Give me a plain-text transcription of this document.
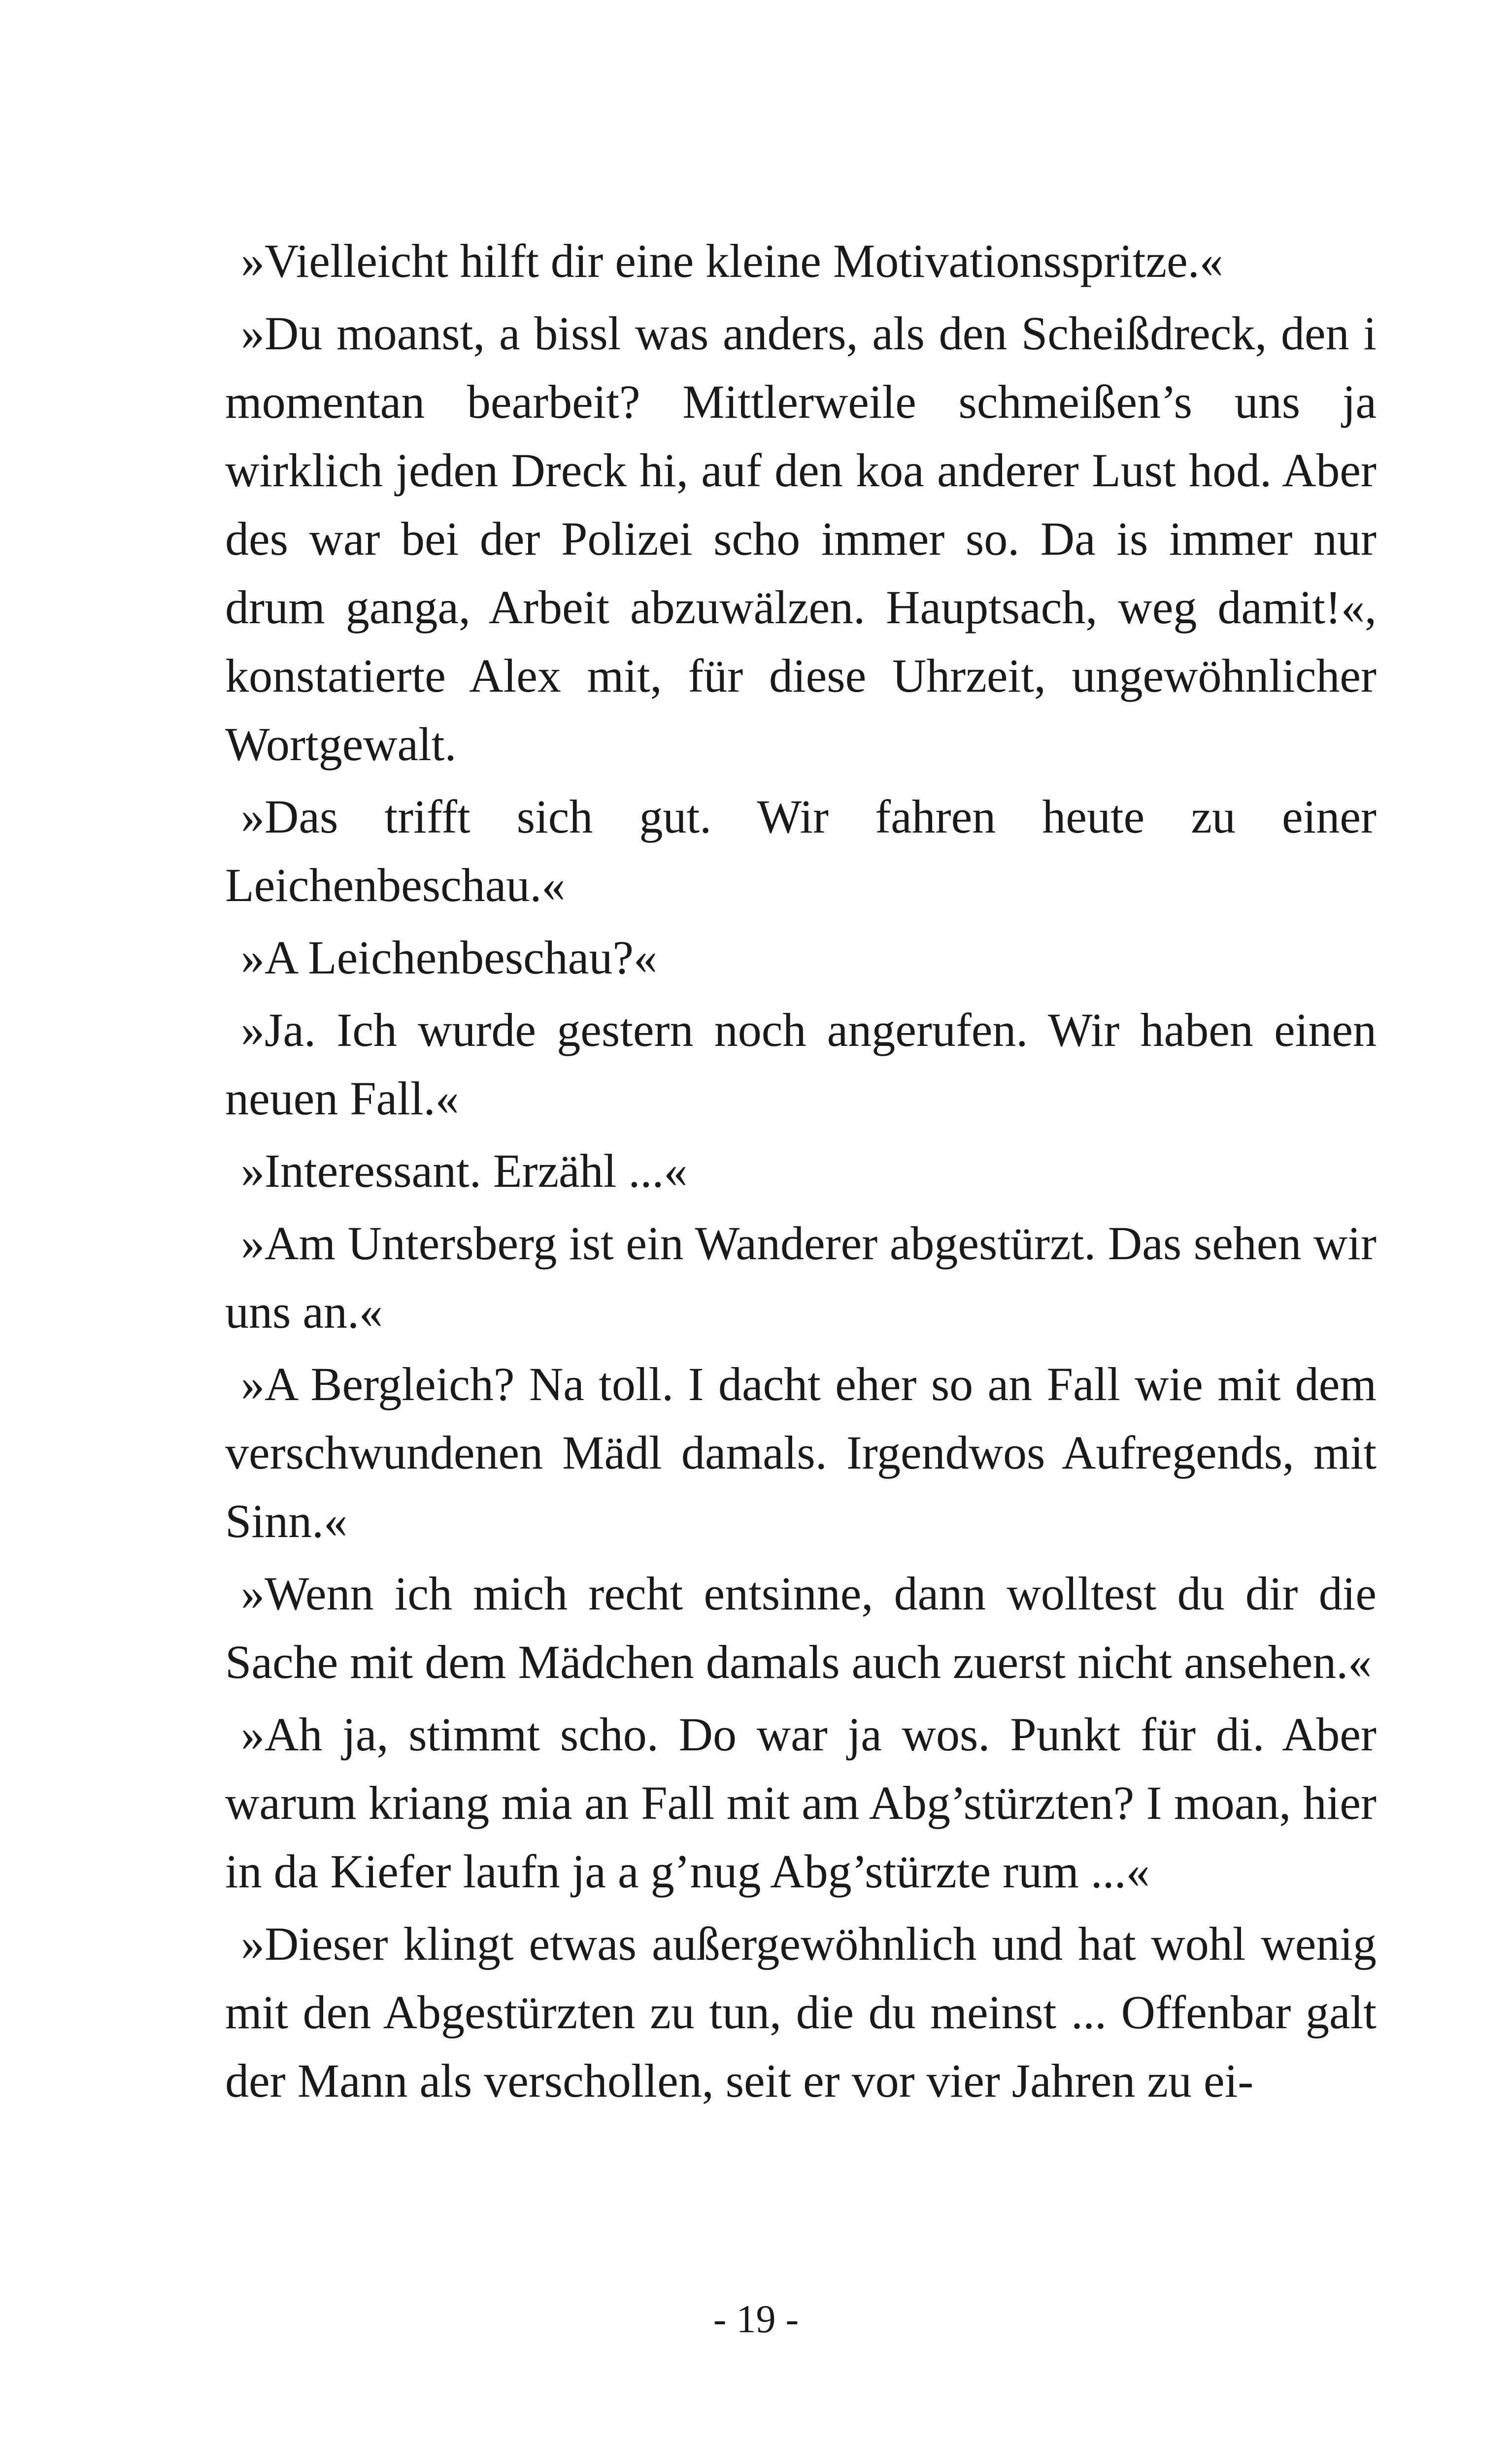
»Vielleicht hilft dir eine kleine Motivationsspritze.«

»Du moanst, a bissl was anders, als den Scheißdreck, den i momentan bearbeit? Mittlerweile schmeißen’s uns ja wirklich jeden Dreck hi, auf den koa anderer Lust hod. Aber des war bei der Polizei scho immer so. Da is immer nur drum ganga, Arbeit abzuwälzen. Hauptsach, weg damit!«, konstatierte Alex mit, für diese Uhrzeit, ungewöhnlicher Wortgewalt.

»Das trifft sich gut. Wir fahren heute zu einer Leichenbeschau.«

»A Leichenbeschau?«

»Ja. Ich wurde gestern noch angerufen. Wir haben einen neuen Fall.«

»Interessant. Erzähl ...«

»Am Untersberg ist ein Wanderer abgestürzt. Das sehen wir uns an.«

»A Bergleich? Na toll. I dacht eher so an Fall wie mit dem verschwundenen Mädl damals. Irgendwos Aufregends, mit Sinn.«

»Wenn ich mich recht entsinne, dann wolltest du dir die Sache mit dem Mädchen damals auch zuerst nicht ansehen.«

»Ah ja, stimmt scho. Do war ja wos. Punkt für di. Aber warum kriang mia an Fall mit am Abg’stürzten? I moan, hier in da Kiefer laufn ja a g’nug Abg’stürzte rum ...«

»Dieser klingt etwas außergewöhnlich und hat wohl wenig mit den Abgestürzten zu tun, die du meinst ... Offenbar galt der Mann als verschollen, seit er vor vier Jahren zu ei-

- 19 -
